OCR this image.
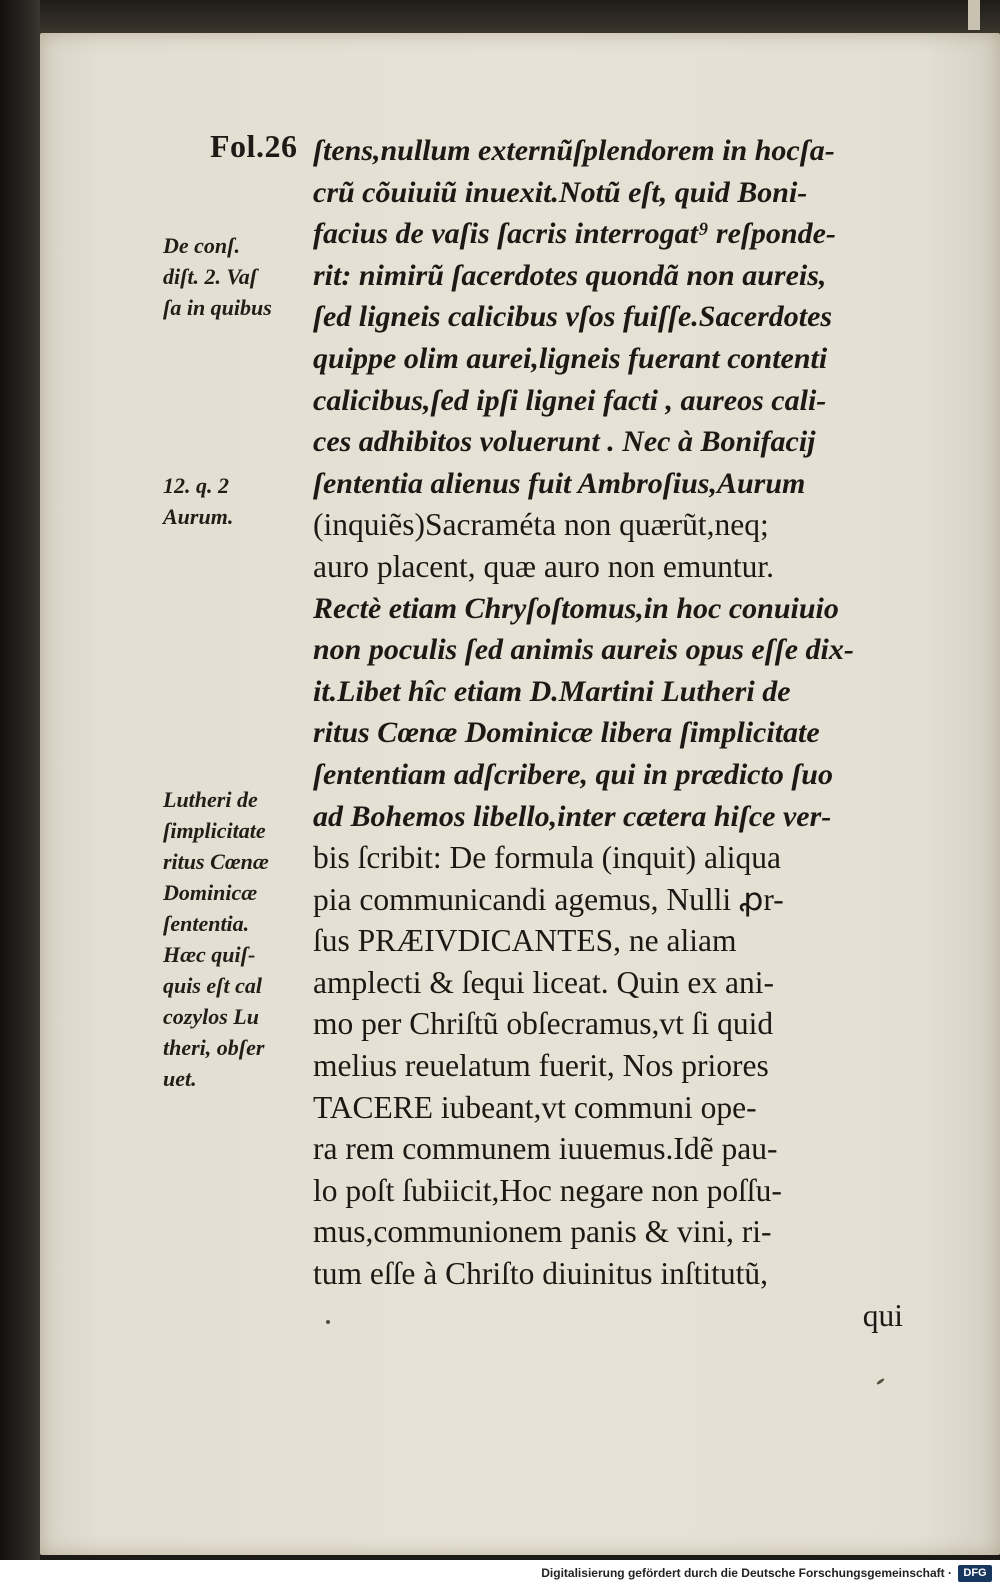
Fol.26 ſtens,nullum externũſplendorem in hocſa-
crũ cõuiuiũ inuexit.Notũ eſt, quid Boni-
facius de vaſis ſacris interrogat⁹ reſponde-
rit: nimirũ ſacerdotes quondã non aureis,
ſed ligneis calicibus vſos fuiſſe.Sacerdotes
quippe olim aurei,ligneis fuerant contenti
calicibus,ſed ipſi lignei facti , aureos cali-
ces adhibitos voluerunt . Nec à Bonifacij
ſententia alienus fuit Ambroſius,Aurum
(inquiẽs)Sacraméta non quærũt,neq;
auro placent, quæ auro non emuntur.
Rectè etiam Chryſoſtomus,in hoc conuiuio
non poculis ſed animis aureis opus eſſe dix-
it.Libet hîc etiam D.Martini Lutheri de
ritus Cœnæ Dominicæ libera ſimplicitate
ſententiam adſcribere, qui in prædicto ſuo
ad Bohemos libello,inter cætera hiſce ver-
bis ſcribit: De formula (inquit) aliqua
pia communicandi agemus, Nulli ꝓr-
ſus PRÆIVDICANTES, ne aliam
amplecti & ſequi liceat. Quin ex ani-
mo per Chriſtũ obſecramus,vt ſi quid
melius reuelatum fuerit, Nos priores
TACERE iubeant,vt communi ope-
ra rem communem iuuemus.Idẽ pau-
lo poſt ſubiicit,Hoc negare non poſſu-
mus,communionem panis & vini, ri-
tum eſſe à Chriſto diuinitus inſtitutũ,
qui
De conſ.
diſt. 2. Vaſ
ſa in quibus
12. q. 2
Aurum.
Lutheri de
ſimplicitate
ritus Cœnæ
Dominicæ
ſententia.
Hæc quiſ-
quis eſt cal
cozylos Lu
theri, obſer
uet.
Digitalisierung gefördert durch die Deutsche Forschungsgemeinschaft ·	DFG
